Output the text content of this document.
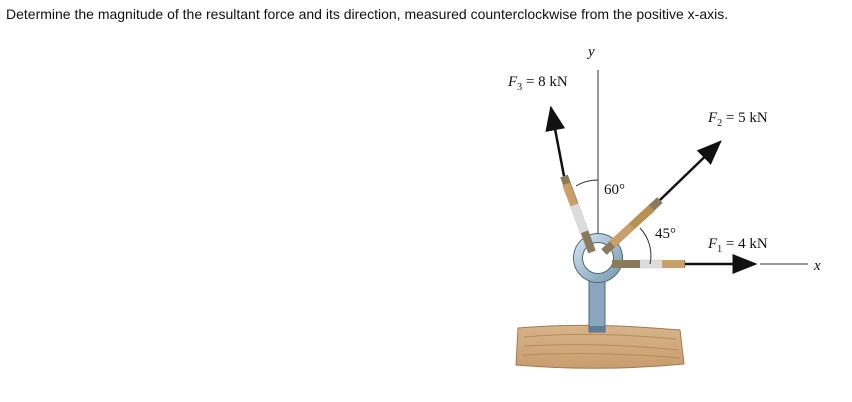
Determine the magnitude of the resultant force and its direction, measured counterclockwise from the positive x-axis.
y
x
60°
45°
$F_3 = 8$ kN
$F_2 = 5$ kN
$F_1 = 4$ kN
